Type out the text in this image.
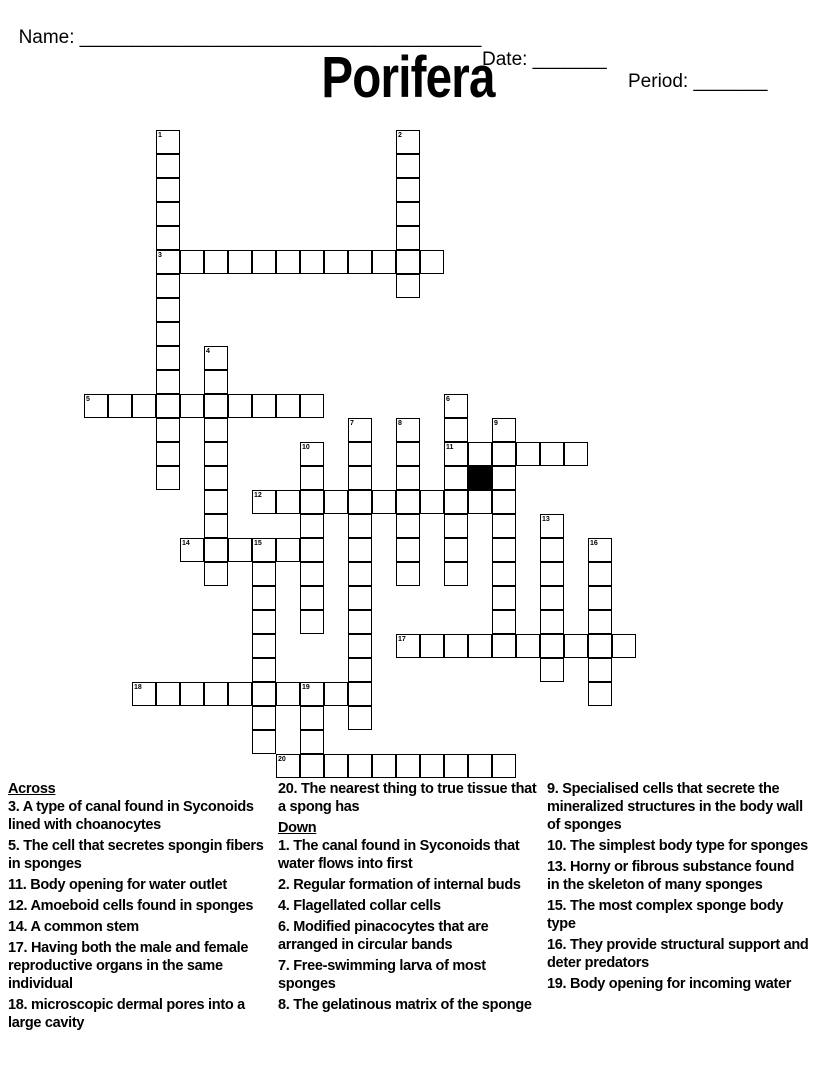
Name: ______________________________________

Date: _______

Period: _______

Porifera
1
3
2
4
5	6
11
7	8	9
10
12
13
14	15	16
17
18	19
20
Across
3. A type of canal found in Syconoids lined with choanocytes
5. The cell that secretes spongin fibers in sponges
11. Body opening for water outlet
12. Amoeboid cells found in sponges
14. A common stem
17. Having both the male and female reproductive organs in the same individual
18. microscopic dermal pores into a large cavity
20. The nearest thing to true tissue that a spong has
Down
1. The canal found in Syconoids that water flows into first
2. Regular formation of internal buds
4. Flagellated collar cells
6. Modified pinacocytes that are arranged in circular bands
7. Free-swimming larva of most sponges
8. The gelatinous matrix of the sponge
9. Specialised cells that secrete the mineralized structures in the body wall of sponges
10. The simplest body type for sponges
13. Horny or fibrous substance found in the skeleton of many sponges
15. The most complex sponge body type
16. They provide structural support and deter predators
19. Body opening for incoming water
